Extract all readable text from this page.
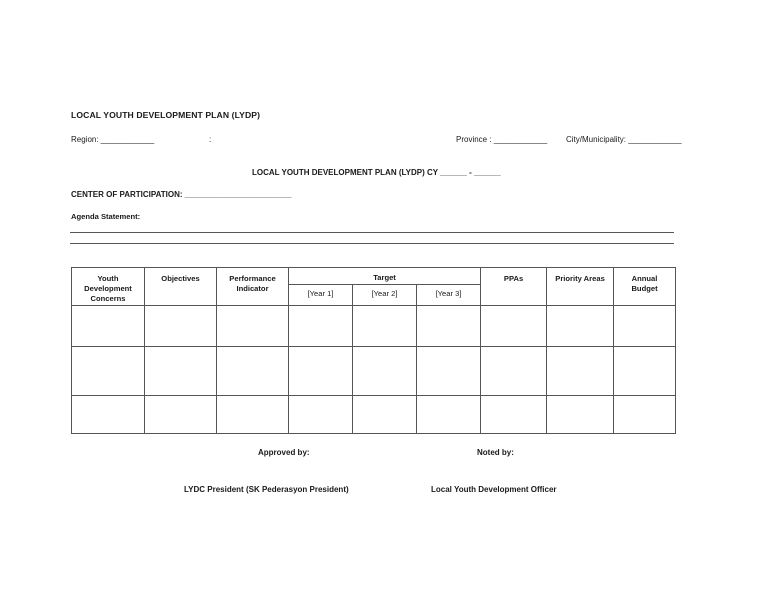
LOCAL YOUTH DEVELOPMENT PLAN (LYDP)
Region: ____________	:	Province : ____________ City/Municipality: ____________
LOCAL YOUTH DEVELOPMENT PLAN (LYDP) CY ______ - ______
CENTER OF PARTICIPATION: ________________________
Agenda Statement:
Youth Development Concerns	Objectives	Performance Indicator	Target			PPAs	Priority Areas	Annual Budget
			[Year 1]	[Year 2]	[Year 3]			

Approved by:	Noted by:
LYDC President (SK Pederasyon President)	Local Youth Development Officer
